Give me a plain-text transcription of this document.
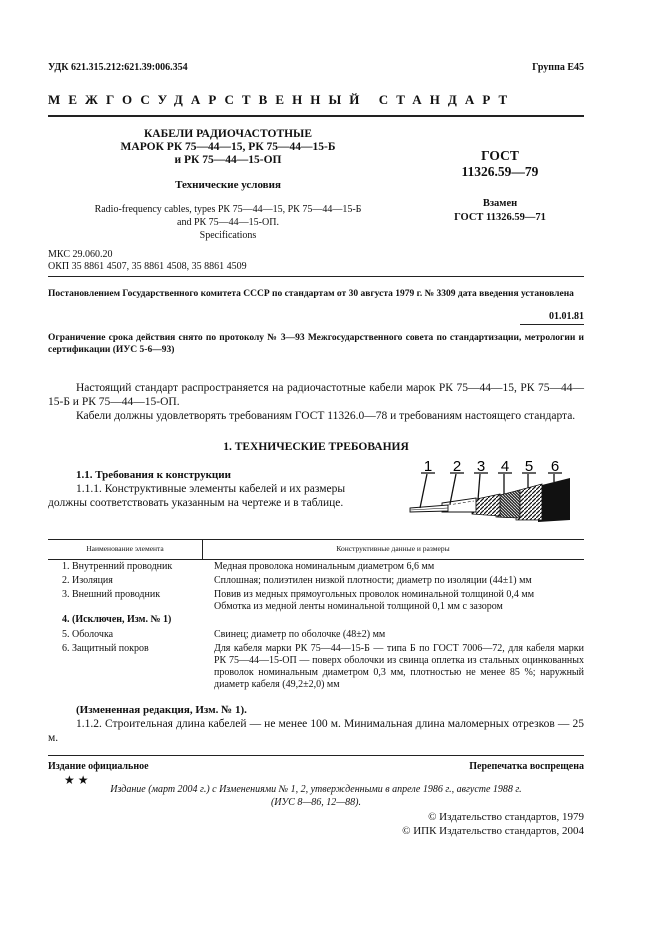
УДК 621.315.212:621.39:006.354	Группа Е45
МЕЖГОСУДАРСТВЕННЫЙ СТАНДАРТ
КАБЕЛИ РАДИОЧАСТОТНЫЕ
МАРОК РК 75—44—15, РК 75—44—15-Б
и РК 75—44—15-ОП
Технические условия
Radio-frequency cables, types РК 75—44—15, РК 75—44—15-Б
and РК 75—44—15-ОП.
Specifications
ГОСТ
11326.59—79
Взамен
ГОСТ 11326.59—71
МКС 29.060.20
ОКП 35 8861 4507, 35 8861 4508, 35 8861 4509
Постановлением Государственного комитета СССР по стандартам от 30 августа 1979 г. № 3309 дата введения установлена
01.01.81
Ограничение срока действия снято по протоколу № 3—93 Межгосударственного совета по стандартизации, метрологии и сертификации (ИУС 5-6—93)
Настоящий стандарт распространяется на радиочастотные кабели марок РК 75—44—15, РК 75—44—15-Б и РК 75—44—15-ОП.
Кабели должны удовлетворять требованиям ГОСТ 11326.0—78 и требованиям настоящего стандарта.
1. ТЕХНИЧЕСКИЕ ТРЕБОВАНИЯ
1.1. Требования к конструкции
1.1.1. Конструктивные элементы кабелей и их размеры должны соответствовать указанным на чертеже и в таблице.
1 2 3 4 5 6
Наименование элемента	Конструктивные данные и размеры
1. Внутренний проводник	Медная проволока номинальным диаметром 6,6 мм
2. Изоляция	Сплошная; полиэтилен низкой плотности; диаметр по изоляции (44±1) мм
3. Внешний проводник	Повив из медных прямоугольных проволок номинальной толщиной 0,4 мм
Обмотка из медной ленты номинальной толщиной 0,1 мм с зазором
4. (Исключен, Изм. № 1)
5. Оболочка	Свинец; диаметр по оболочке (48±2) мм
6. Защитный покров	Для кабеля марки РК 75—44—15-Б — типа Б по ГОСТ 7006—72, для кабеля марки РК 75—44—15-ОП — поверх оболочки из свинца оплетка из стальных оцинкованных проволок номинальным диаметром 0,3 мм, плотностью не менее 85 %; наружный диаметр кабеля (49,2±2,0) мм
(Измененная редакция, Изм. № 1).
1.1.2. Строительная длина кабелей — не менее 100 м. Минимальная длина маломерных отрезков — 25 м.
Издание официальное	Перепечатка воспрещена
★ ★
Издание (март 2004 г.) с Изменениями № 1, 2, утвержденными в апреле 1986 г., августе 1988 г.
(ИУС 8—86, 12—88).
© Издательство стандартов, 1979
© ИПК Издательство стандартов, 2004
